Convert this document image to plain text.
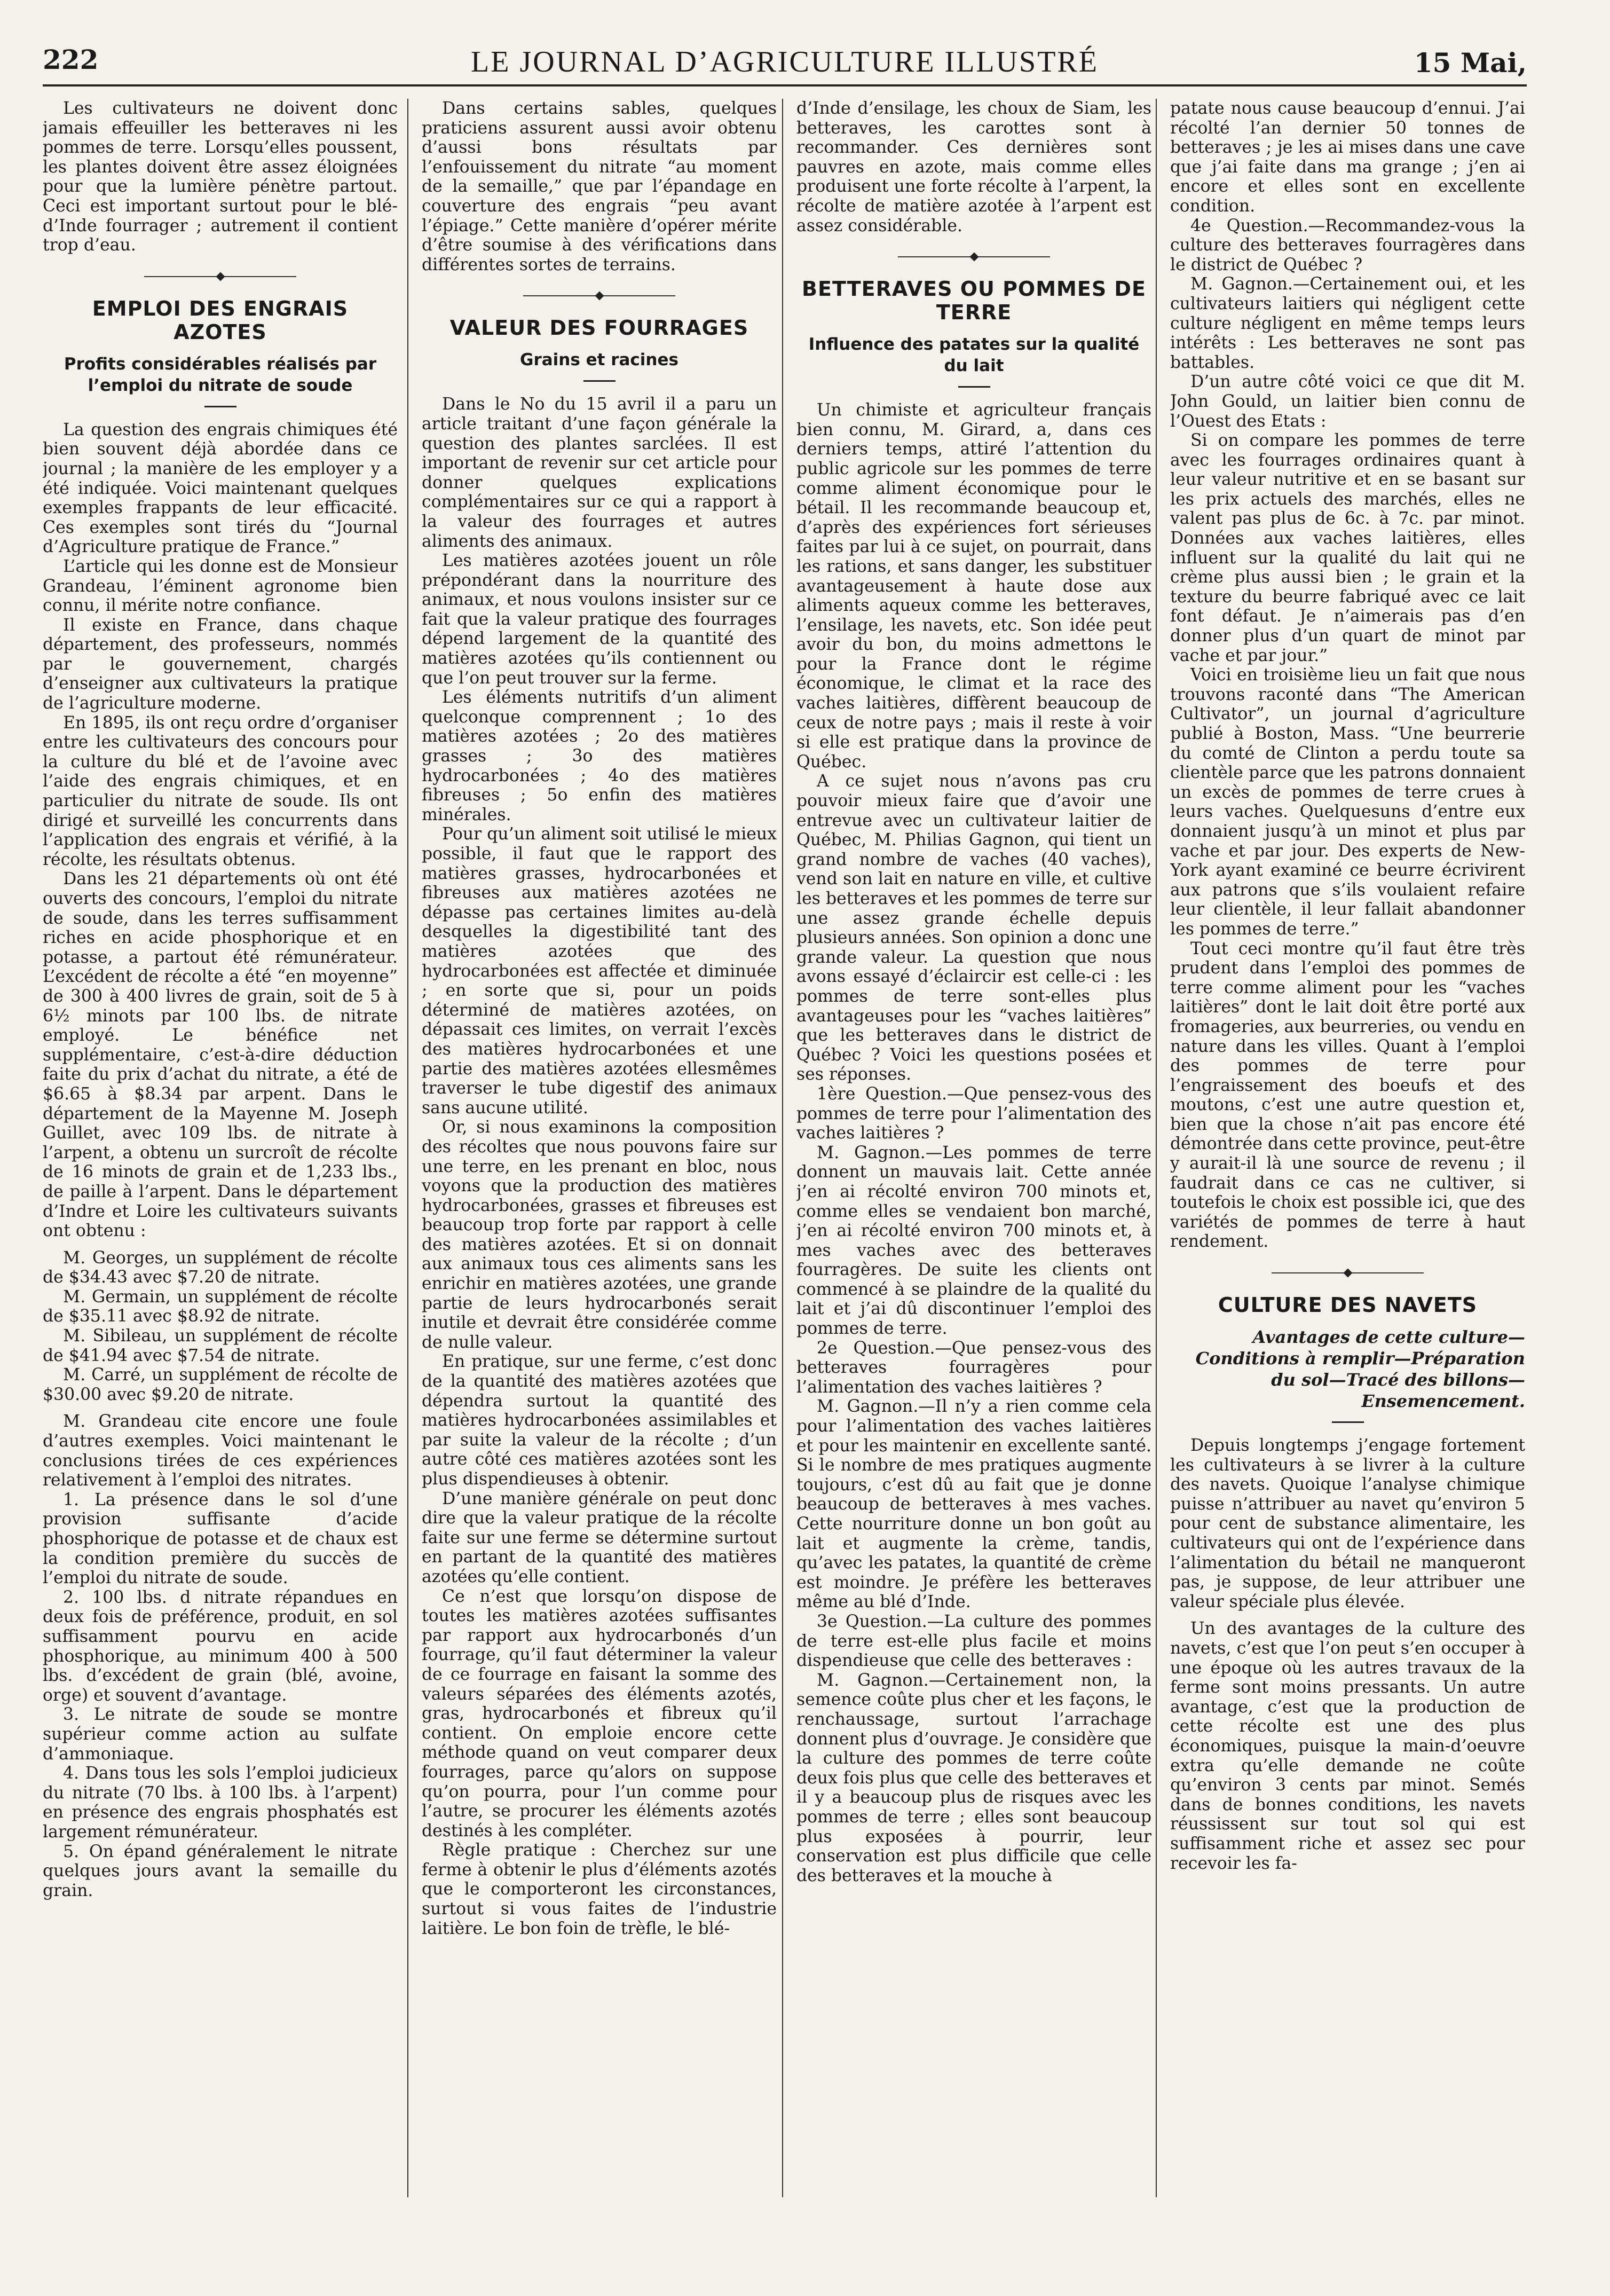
222	LE JOURNAL D’AGRICULTURE ILLUSTRÉ	15 Mai,

Les cultivateurs ne doivent donc jamais effeuiller les betteraves ni les pommes de terre. Lorsqu’elles poussent, les plantes doivent être assez éloignées pour que la lumière pénètre partout. Ceci est important surtout pour le blé-d’Inde fourrager ; autrement il contient trop d’eau.

EMPLOI DES ENGRAIS AZOTES
Profits considérables réalisés par l’emploi du nitrate de soude

La question des engrais chimiques été bien souvent déjà abordée dans ce journal ; la manière de les employer y a été indiquée. Voici maintenant quelques exemples frappants de leur efficacité. Ces exemples sont tirés du “Journal d’Agriculture pratique de France.”

L’article qui les donne est de Monsieur Grandeau, l’éminent agronome bien connu, il mérite notre confiance.

Il existe en France, dans chaque département, des professeurs, nommés par le gouvernement, chargés d’enseigner aux cultivateurs la pratique de l’agriculture moderne.

En 1895, ils ont reçu ordre d’organiser entre les cultivateurs des concours pour la culture du blé et de l’avoine avec l’aide des engrais chimiques, et en particulier du nitrate de soude. Ils ont dirigé et surveillé les concurrents dans l’application des engrais et vérifié, à la récolte, les résultats obtenus.

Dans les 21 départements où ont été ouverts des concours, l’emploi du nitrate de soude, dans les terres suffisamment riches en acide phosphorique et en potasse, a partout été rémunérateur. L’excédent de récolte a été “en moyenne” de 300 à 400 livres de grain, soit de 5 à 6½ minots par 100 lbs. de nitrate employé. Le bénéfice net supplémentaire, c’est-à-dire déduction faite du prix d’achat du nitrate, a été de $6.65 à $8.34 par arpent. Dans le département de la Mayenne M. Joseph Guillet, avec 109 lbs. de nitrate à l’arpent, a obtenu un surcroît de récolte de 16 minots de grain et de 1,233 lbs., de paille à l’arpent. Dans le département d’Indre et Loire les cultivateurs suivants ont obtenu :

M. Georges, un supplément de récolte de $34.43 avec $7.20 de nitrate.

M. Germain, un supplément de récolte de $35.11 avec $8.92 de nitrate.

M. Sibileau, un supplément de récolte de $41.94 avec $7.54 de nitrate.

M. Carré, un supplément de récolte de $30.00 avec $9.20 de nitrate.

M. Grandeau cite encore une foule d’autres exemples. Voici maintenant le conclusions tirées de ces expériences relativement à l’emploi des nitrates.

1. La présence dans le sol d’une provision suffisante d’acide phosphorique de potasse et de chaux est la condition première du succès de l’emploi du nitrate de soude.

2. 100 lbs. d nitrate répandues en deux fois de préférence, produit, en sol suffisamment pourvu en acide phosphorique, au minimum 400 à 500 lbs. d’excédent de grain (blé, avoine, orge) et souvent d’avantage.

3. Le nitrate de soude se montre supérieur comme action au sulfate d’ammoniaque.

4. Dans tous les sols l’emploi judicieux du nitrate (70 lbs. à 100 lbs. à l’arpent) en présence des engrais phosphatés est largement rémunérateur.

5. On épand généralement le nitrate quelques jours avant la semaille du grain.

Dans certains sables, quelques praticiens assurent aussi avoir obtenu d’aussi bons résultats par l’enfouissement du nitrate “au moment de la semaille,” que par l’épandage en couverture des engrais “peu avant l’épiage.” Cette manière d’opérer mérite d’être soumise à des vérifications dans différentes sortes de terrains.

VALEUR DES FOURRAGES
Grains et racines

Dans le No du 15 avril il a paru un article traitant d’une façon générale la question des plantes sarclées. Il est important de revenir sur cet article pour donner quelques explications complémentaires sur ce qui a rapport à la valeur des fourrages et autres aliments des animaux.

Les matières azotées jouent un rôle prépondérant dans la nourriture des animaux, et nous voulons insister sur ce fait que la valeur pratique des fourrages dépend largement de la quantité des matières azotées qu’ils contiennent ou que l’on peut trouver sur la ferme.

Les éléments nutritifs d’un aliment quelconque comprennent ; 1o des matières azotées ; 2o des matières grasses ; 3o des matières hydrocarbonées ; 4o des matières fibreuses ; 5o enfin des matières minérales.

Pour qu’un aliment soit utilisé le mieux possible, il faut que le rapport des matières grasses, hydrocarbonées et fibreuses aux matières azotées ne dépasse pas certaines limites au-delà desquelles la digestibilité tant des matières azotées que des hydrocarbonées est affectée et diminuée ; en sorte que si, pour un poids déterminé de matières azotées, on dépassait ces limites, on verrait l’excès des matières hydrocarbonées et une partie des matières azotées ellesmêmes traverser le tube digestif des animaux sans aucune utilité.

Or, si nous examinons la composition des récoltes que nous pouvons faire sur une terre, en les prenant en bloc, nous voyons que la production des matières hydrocarbonées, grasses et fibreuses est beaucoup trop forte par rapport à celle des matières azotées. Et si on donnait aux animaux tous ces aliments sans les enrichir en matières azotées, une grande partie de leurs hydrocarbonés serait inutile et devrait être considérée comme de nulle valeur.

En pratique, sur une ferme, c’est donc de la quantité des matières azotées que dépendra surtout la quantité des matières hydrocarbonées assimilables et par suite la valeur de la récolte ; d’un autre côté ces matières azotées sont les plus dispendieuses à obtenir.

D’une manière générale on peut donc dire que la valeur pratique de la récolte faite sur une ferme se détermine surtout en partant de la quantité des matières azotées qu’elle contient.

Ce n’est que lorsqu’on dispose de toutes les matières azotées suffisantes par rapport aux hydrocarbonés d’un fourrage, qu’il faut déterminer la valeur de ce fourrage en faisant la somme des valeurs séparées des éléments azotés, gras, hydrocarbonés et fibreux qu’il contient. On emploie encore cette méthode quand on veut comparer deux fourrages, parce qu’alors on suppose qu’on pourra, pour l’un comme pour l’autre, se procurer les éléments azotés destinés à les compléter.

Règle pratique : Cherchez sur une ferme à obtenir le plus d’éléments azotés que le comporteront les circonstances, surtout si vous faites de l’industrie laitière. Le bon foin de trèfle, le blé-

d’Inde d’ensilage, les choux de Siam, les betteraves, les carottes sont à recommander. Ces dernières sont pauvres en azote, mais comme elles produisent une forte récolte à l’arpent, la récolte de matière azotée à l’arpent est assez considérable.

BETTERAVES OU POMMES DE TERRE
Influence des patates sur la qualité du lait

Un chimiste et agriculteur français bien connu, M. Girard, a, dans ces derniers temps, attiré l’attention du public agricole sur les pommes de terre comme aliment économique pour le bétail. Il les recommande beaucoup et, d’après des expériences fort sérieuses faites par lui à ce sujet, on pourrait, dans les rations, et sans danger, les substituer avantageusement à haute dose aux aliments aqueux comme les betteraves, l’ensilage, les navets, etc. Son idée peut avoir du bon, du moins admettons le pour la France dont le régime économique, le climat et la race des vaches laitières, diffèrent beaucoup de ceux de notre pays ; mais il reste à voir si elle est pratique dans la province de Québec.

A ce sujet nous n’avons pas cru pouvoir mieux faire que d’avoir une entrevue avec un cultivateur laitier de Québec, M. Philias Gagnon, qui tient un grand nombre de vaches (40 vaches), vend son lait en nature en ville, et cultive les betteraves et les pommes de terre sur une assez grande échelle depuis plusieurs années. Son opinion a donc une grande valeur. La question que nous avons essayé d’éclaircir est celle-ci : les pommes de terre sont-elles plus avantageuses pour les “vaches laitières” que les betteraves dans le district de Québec ? Voici les questions posées et ses réponses.

1ère Question.—Que pensez-vous des pommes de terre pour l’alimentation des vaches laitières ?

M. Gagnon.—Les pommes de terre donnent un mauvais lait. Cette année j’en ai récolté environ 700 minots et, comme elles se vendaient bon marché, j’en ai récolté environ 700 minots et, à mes vaches avec des betteraves fourragères. De suite les clients ont commencé à se plaindre de la qualité du lait et j’ai dû discontinuer l’emploi des pommes de terre.

2e Question.—Que pensez-vous des betteraves fourragères pour l’alimentation des vaches laitières ?

M. Gagnon.—Il n’y a rien comme cela pour l’alimentation des vaches laitières et pour les maintenir en excellente santé. Si le nombre de mes pratiques augmente toujours, c’est dû au fait que je donne beaucoup de betteraves à mes vaches. Cette nourriture donne un bon goût au lait et augmente la crème, tandis, qu’avec les patates, la quantité de crème est moindre. Je préfère les betteraves même au blé d’Inde.

3e Question.—La culture des pommes de terre est-elle plus facile et moins dispendieuse que celle des betteraves :

M. Gagnon.—Certainement non, la semence coûte plus cher et les façons, le renchaussage, surtout l’arrachage donnent plus d’ouvrage. Je considère que la culture des pommes de terre coûte deux fois plus que celle des betteraves et il y a beaucoup plus de risques avec les pommes de terre ; elles sont beaucoup plus exposées à pourrir, leur conservation est plus difficile que celle des betteraves et la mouche à

patate nous cause beaucoup d’ennui. J’ai récolté l’an dernier 50 tonnes de betteraves ; je les ai mises dans une cave que j’ai faite dans ma grange ; j’en ai encore et elles sont en excellente condition.

4e Question.—Recommandez-vous la culture des betteraves fourragères dans le district de Québec ?

M. Gagnon.—Certainement oui, et les cultivateurs laitiers qui négligent cette culture négligent en même temps leurs intérêts : Les betteraves ne sont pas battables.

D’un autre côté voici ce que dit M. John Gould, un laitier bien connu de l’Ouest des Etats :

Si on compare les pommes de terre avec les fourrages ordinaires quant à leur valeur nutritive et en se basant sur les prix actuels des marchés, elles ne valent pas plus de 6c. à 7c. par minot. Données aux vaches laitières, elles influent sur la qualité du lait qui ne crème plus aussi bien ; le grain et la texture du beurre fabriqué avec ce lait font défaut. Je n’aimerais pas d’en donner plus d’un quart de minot par vache et par jour.”

Voici en troisième lieu un fait que nous trouvons raconté dans “The American Cultivator”, un journal d’agriculture publié à Boston, Mass. “Une beurrerie du comté de Clinton a perdu toute sa clientèle parce que les patrons donnaient un excès de pommes de terre crues à leurs vaches. Quelquesuns d’entre eux donnaient jusqu’à un minot et plus par vache et par jour. Des experts de New-York ayant examiné ce beurre écrivirent aux patrons que s’ils voulaient refaire leur clientèle, il leur fallait abandonner les pommes de terre.”

Tout ceci montre qu’il faut être très prudent dans l’emploi des pommes de terre comme aliment pour les “vaches laitières” dont le lait doit être porté aux fromageries, aux beurreries, ou vendu en nature dans les villes. Quant à l’emploi des pommes de terre pour l’engraissement des boeufs et des moutons, c’est une autre question et, bien que la chose n’ait pas encore été démontrée dans cette province, peut-être y aurait-il là une source de revenu ; il faudrait dans ce cas ne cultiver, si toutefois le choix est possible ici, que des variétés de pommes de terre à haut rendement.

CULTURE DES NAVETS
Avantages de cette culture—Conditions à remplir—Préparation du sol—Tracé des billons—Ensemencement.

Depuis longtemps j’engage fortement les cultivateurs à se livrer à la culture des navets. Quoique l’analyse chimique puisse n’attribuer au navet qu’environ 5 pour cent de substance alimentaire, les cultivateurs qui ont de l’expérience dans l’alimentation du bétail ne manqueront pas, je suppose, de leur attribuer une valeur spéciale plus élevée.

Un des avantages de la culture des navets, c’est que l’on peut s’en occuper à une époque où les autres travaux de la ferme sont moins pressants. Un autre avantage, c’est que la production de cette récolte est une des plus économiques, puisque la main-d’oeuvre extra qu’elle demande ne coûte qu’environ 3 cents par minot. Semés dans de bonnes conditions, les navets réussissent sur tout sol qui est suffisamment riche et assez sec pour recevoir les fa-
